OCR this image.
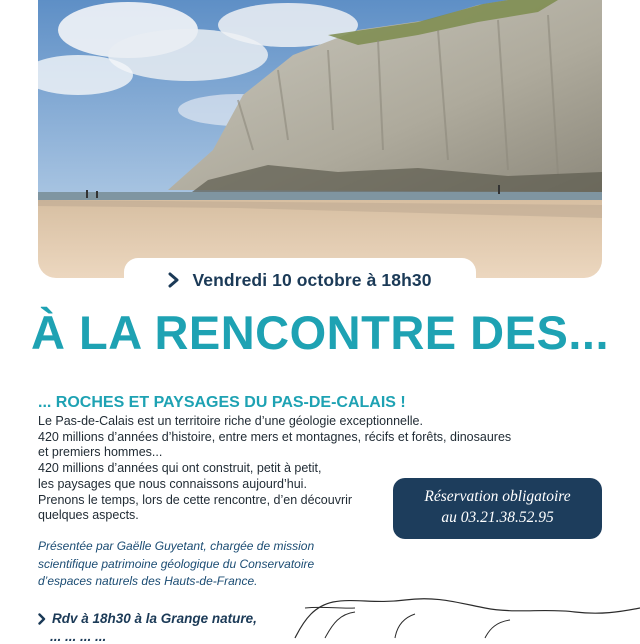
Vendredi 10 octobre à 18h30
À LA RENCONTRE DES...
... ROCHES ET PAYSAGES DU PAS-DE-CALAIS !
Le Pas-de-Calais est un territoire riche d’une géologie exceptionnelle.
420 millions d’années d’histoire, entre mers et montagnes, récifs et forêts, dinosaures
et premiers hommes...
420 millions d’années qui ont construit, petit à petit,
les paysages que nous connaissons aujourd’hui.
Prenons le temps, lors de cette rencontre, d’en découvrir
quelques aspects.
Réservation obligatoire
au 03.21.38.52.95
Présentée par Gaëlle Guyetant, chargée de mission
scientifique patrimoine géologique du Conservatoire
d’espaces naturels des Hauts-de-France.
Rdv à 18h30 à la Grange nature,
... ... ... ...
